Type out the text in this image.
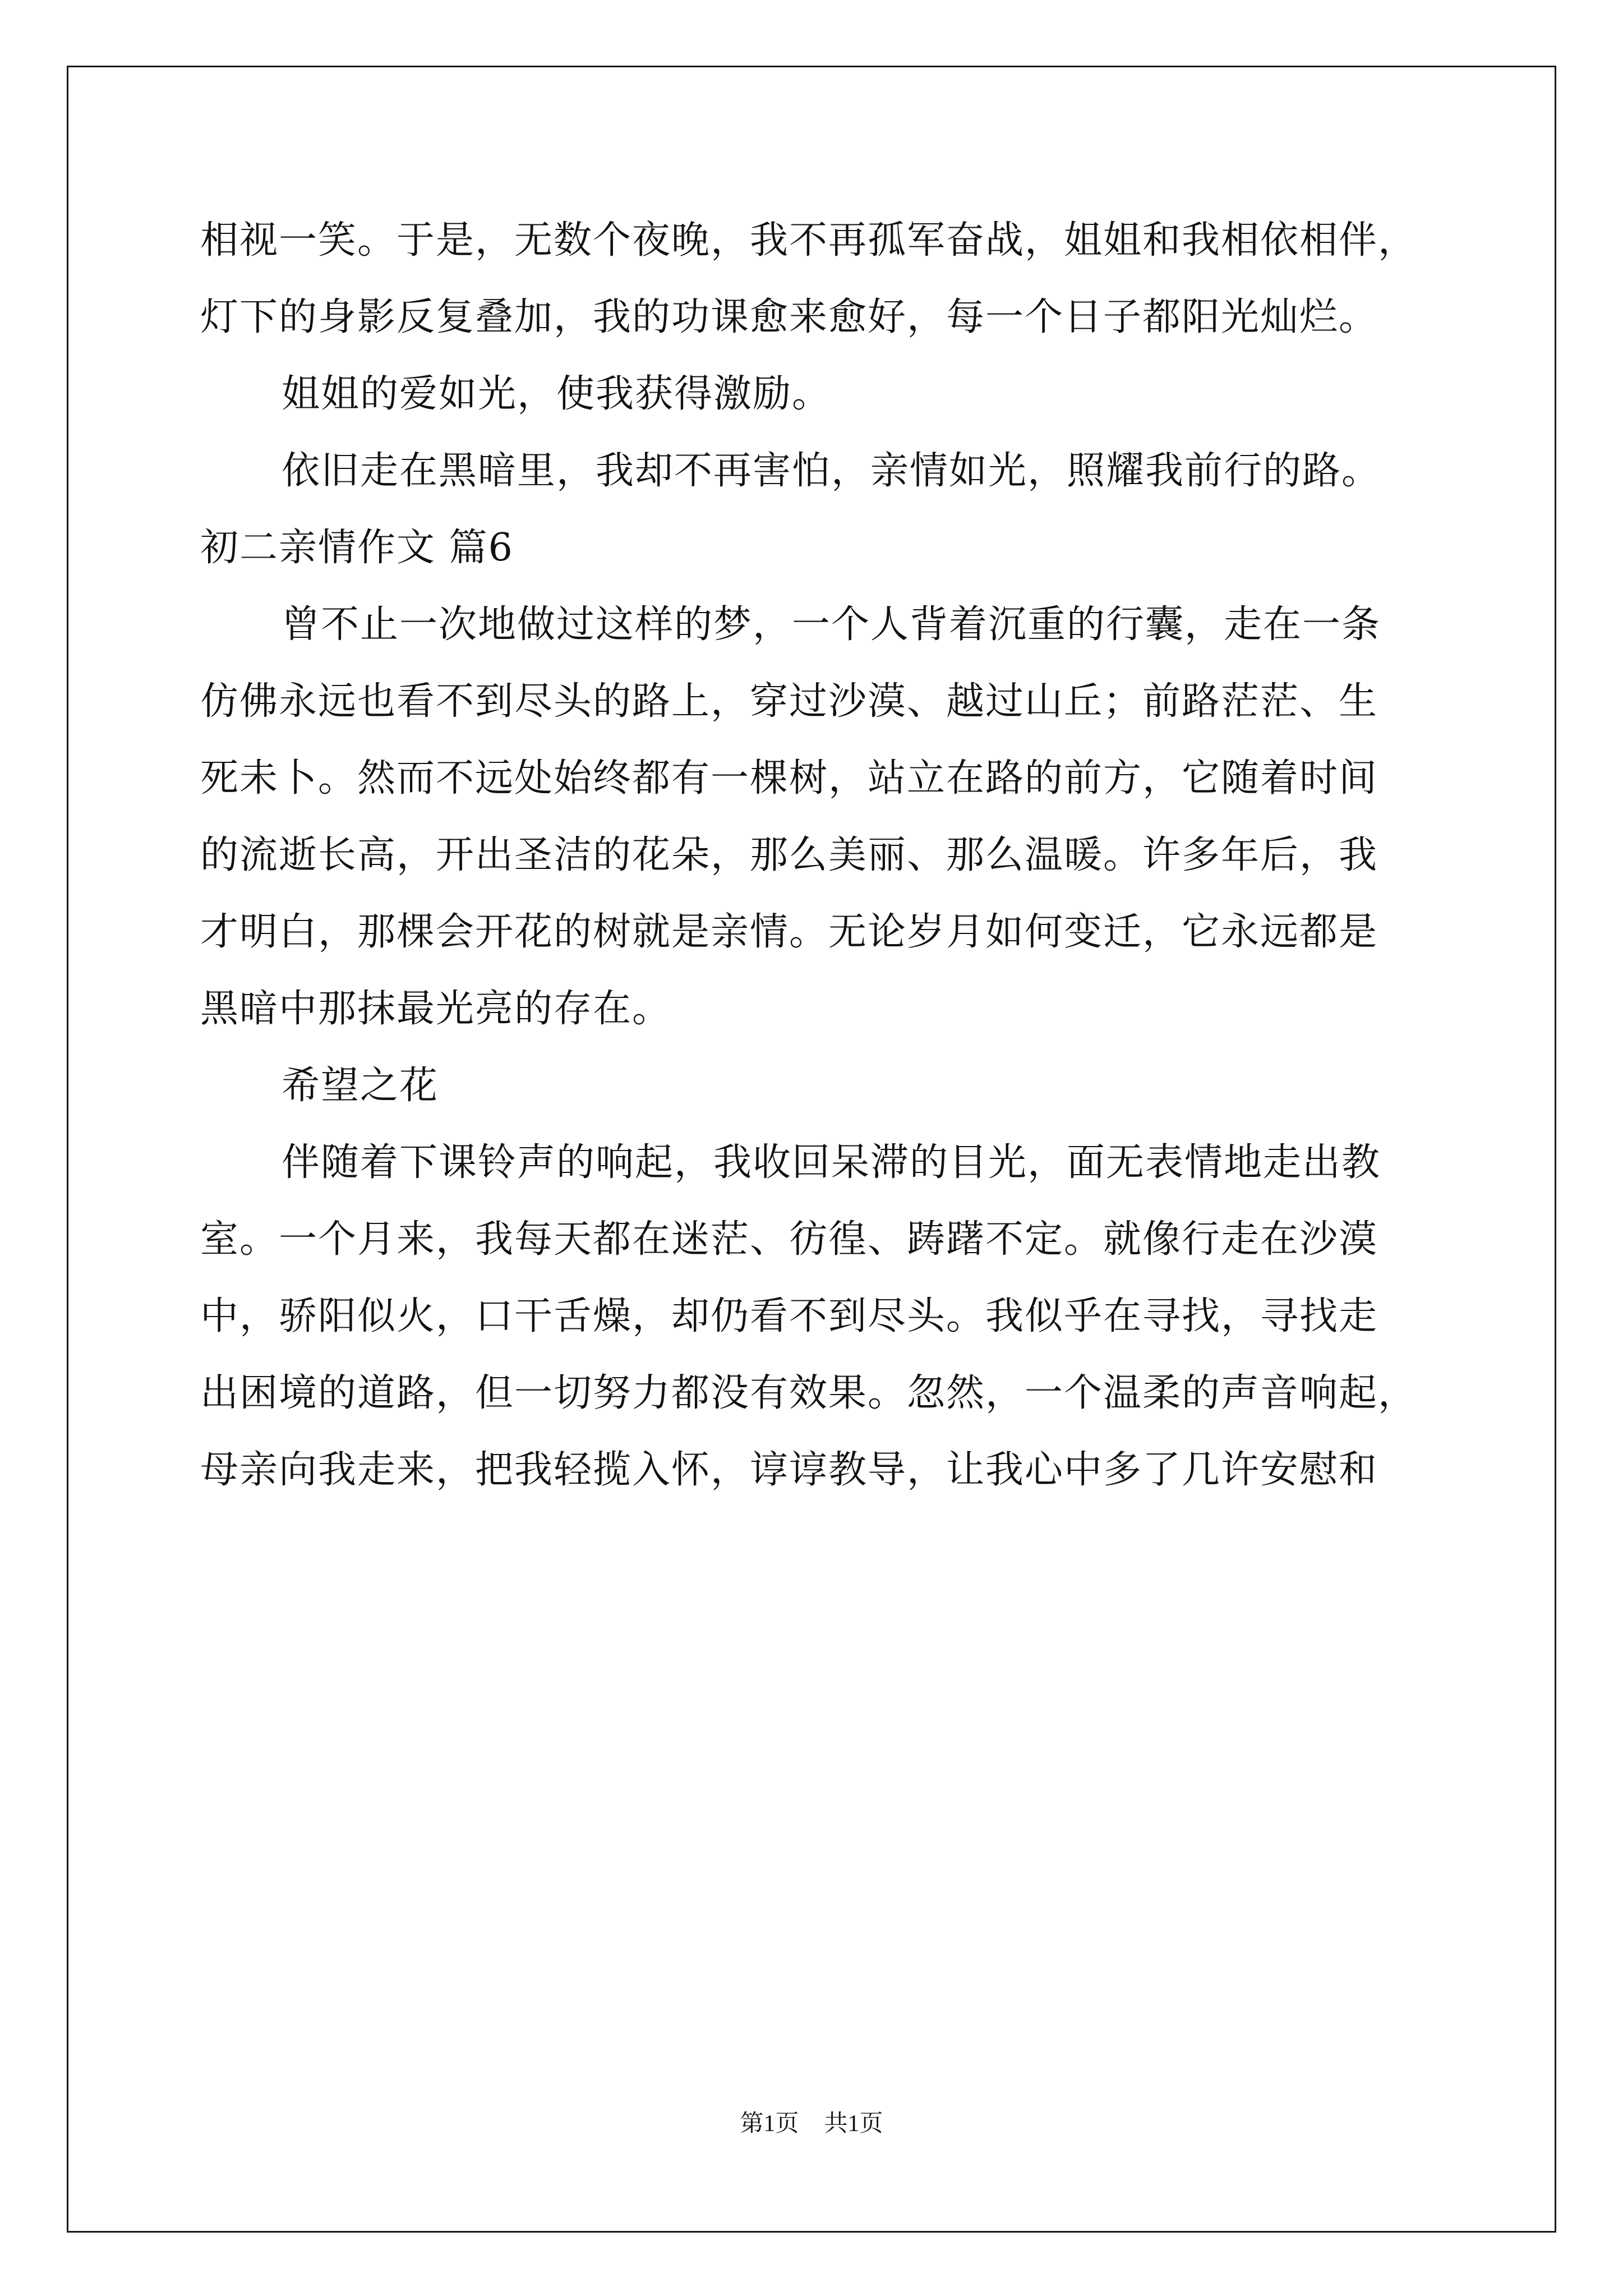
相视一笑。于是，无数个夜晚，我不再孤军奋战，姐姐和我相依相伴，
灯下的身影反复叠加，我的功课愈来愈好，每一个日子都阳光灿烂。
姐姐的爱如光，使我获得激励。
依旧走在黑暗里，我却不再害怕，亲情如光，照耀我前行的路。
初二亲情作文 篇6
曾不止一次地做过这样的梦，一个人背着沉重的行囊，走在一条
仿佛永远也看不到尽头的路上，穿过沙漠、越过山丘；前路茫茫、生
死未卜。然而不远处始终都有一棵树，站立在路的前方，它随着时间
的流逝长高，开出圣洁的花朵，那么美丽、那么温暖。许多年后，我
才明白，那棵会开花的树就是亲情。无论岁月如何变迁，它永远都是
黑暗中那抹最光亮的存在。
希望之花
伴随着下课铃声的响起，我收回呆滞的目光，面无表情地走出教
室。一个月来，我每天都在迷茫、彷徨、踌躇不定。就像行走在沙漠
中，骄阳似火，口干舌燥，却仍看不到尽头。我似乎在寻找，寻找走
出困境的道路，但一切努力都没有效果。忽然，一个温柔的声音响起，
母亲向我走来，把我轻揽入怀，谆谆教导，让我心中多了几许安慰和
第1页 共1页
